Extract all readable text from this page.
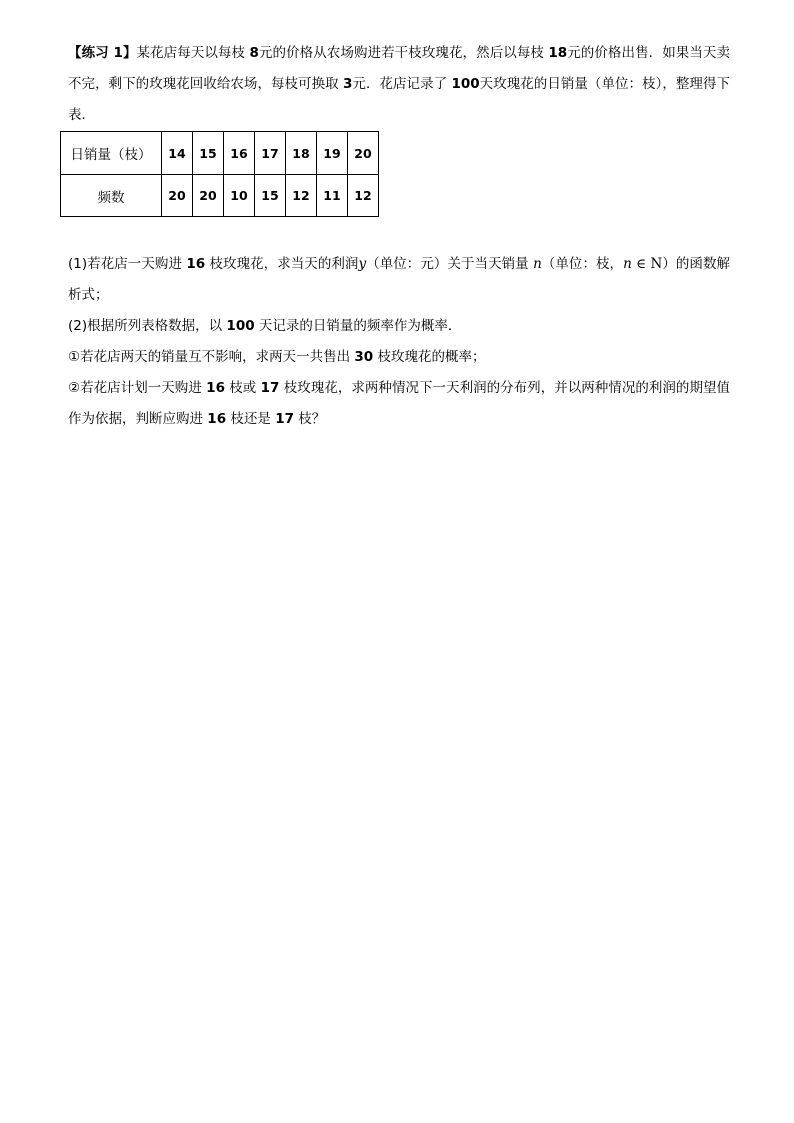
【练习 1】某花店每天以每枝 8元的价格从农场购进若干枝玫瑰花，然后以每枝 18元的价格出售．如果当天卖不完，剩下的玫瑰花回收给农场，每枝可换取 3元．花店记录了 100天玫瑰花的日销量（单位：枝），整理得下表．

日销量（枝）	14	15	16	17	18	19	20
频数	20	20	10	15	12	11	12

(1)若花店一天购进 16 枝玫瑰花，求当天的利润y（单位：元）关于当天销量 n（单位：枝，n ∈ N）的函数解析式；

(2)根据所列表格数据，以 100 天记录的日销量的频率作为概率．

①若花店两天的销量互不影响，求两天一共售出 30 枝玫瑰花的概率；

②若花店计划一天购进 16 枝或 17 枝玫瑰花，求两种情况下一天利润的分布列，并以两种情况的利润的期望值作为依据，判断应购进 16 枝还是 17 枝？
